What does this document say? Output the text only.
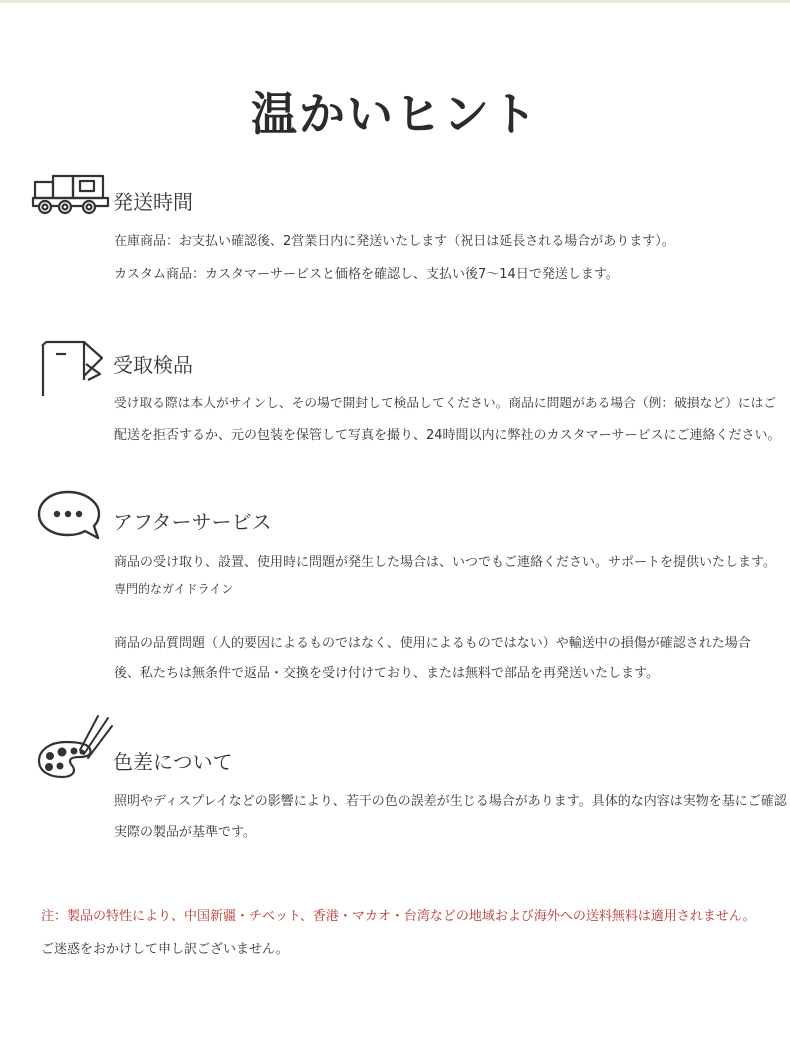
温かいヒント
発送時間
在庫商品：お支払い確認後、2営業日内に発送いたします（祝日は延長される場合があります）。
カスタム商品：カスタマーサービスと価格を確認し、支払い後7〜14日で発送します。
受取検品
受け取る際は本人がサインし、その場で開封して検品してください。商品に問題がある場合（例：破損など）にはご
配送を拒否するか、元の包装を保管して写真を撮り、24時間以内に弊社のカスタマーサービスにご連絡ください。
アフターサービス
商品の受け取り、設置、使用時に問題が発生した場合は、いつでもご連絡ください。サポートを提供いたします。
専門的なガイドライン
商品の品質問題（人的要因によるものではなく、使用によるものではない）や輸送中の損傷が確認された場合
後、私たちは無条件で返品・交換を受け付けており、または無料で部品を再発送いたします。
色差について
照明やディスプレイなどの影響により、若干の色の誤差が生じる場合があります。具体的な内容は実物を基にご確認
実際の製品が基準です。
注：製品の特性により、中国新疆・チベット、香港・マカオ・台湾などの地域および海外への送料無料は適用されません。
ご迷惑をおかけして申し訳ございません。
